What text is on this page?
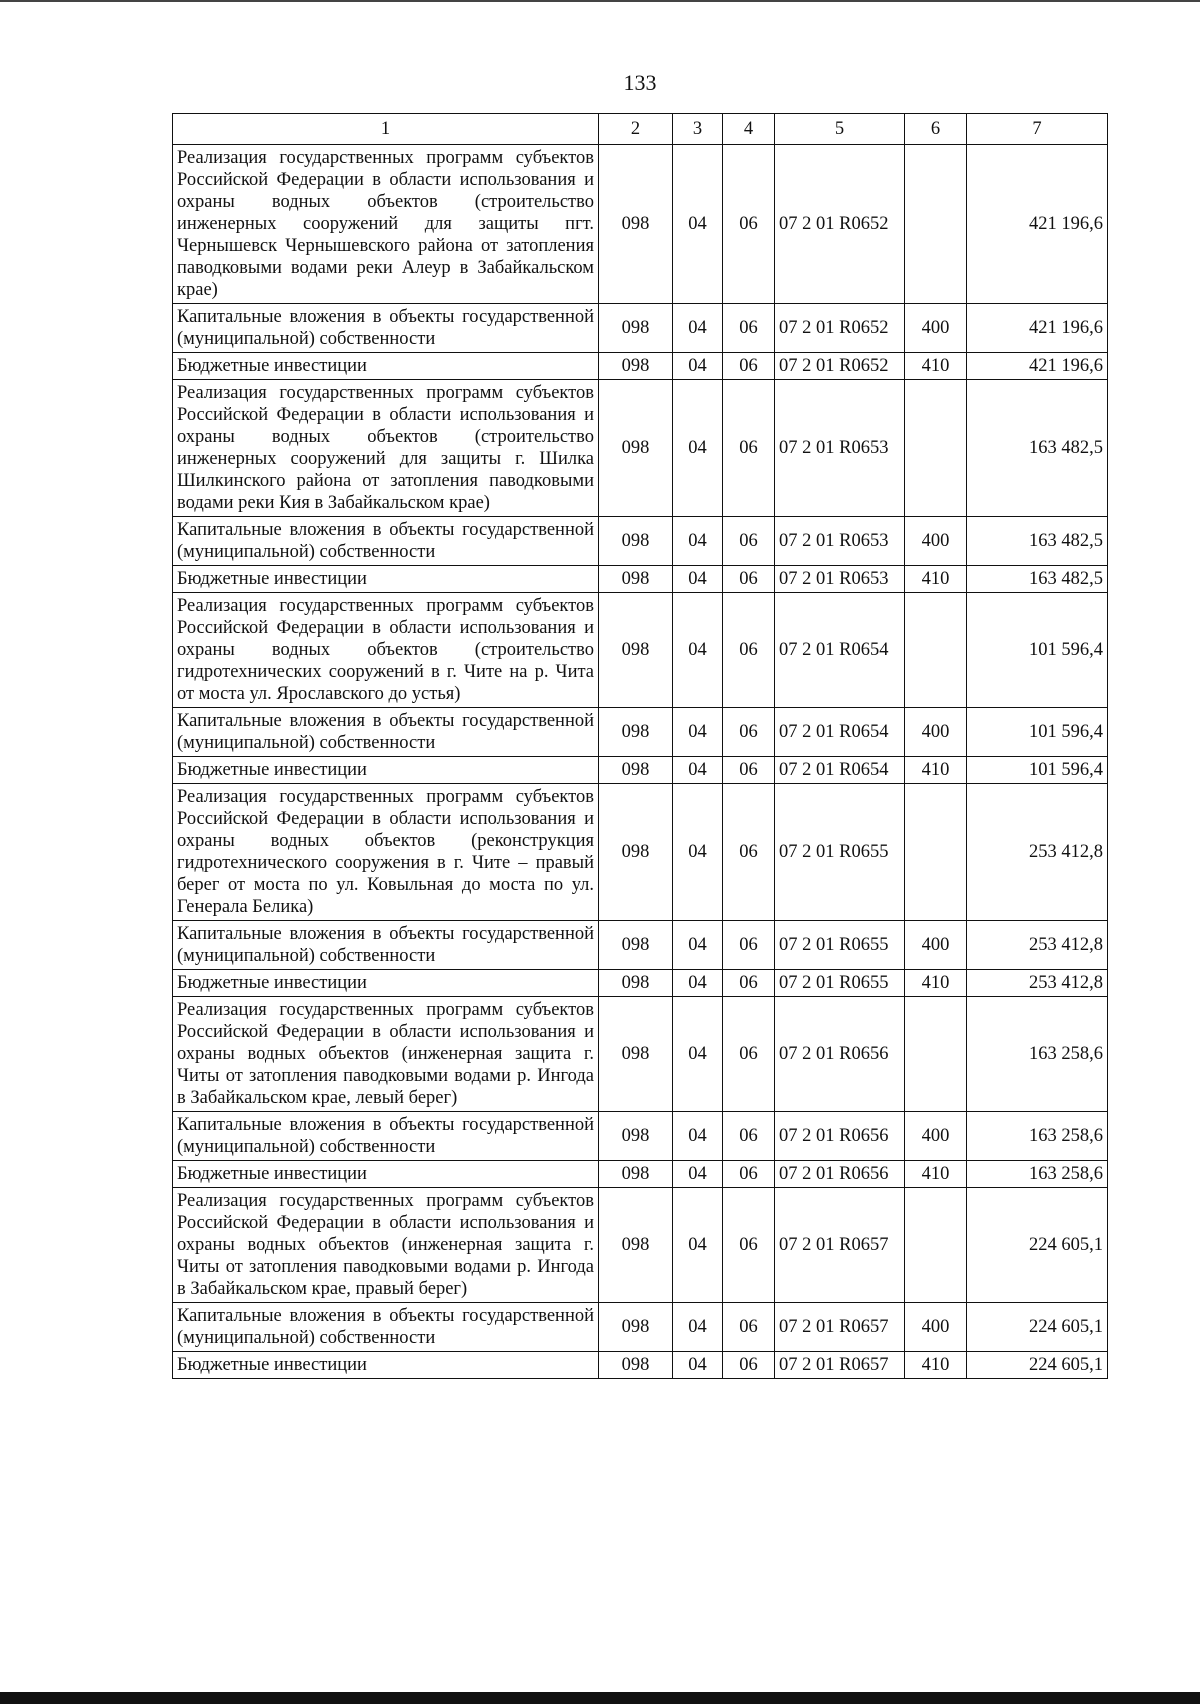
133
1	2	3	4	5	6	7
Реализация государственных программ субъектов Российской Федерации в области использования и охраны водных объектов (строительство инженерных сооружений для защиты пгт. Чернышевск Чернышевского района от затопления паводковыми водами реки Алеур в Забайкальском крае)	098	04	06	07 2 01 R0652		421 196,6
Капитальные вложения в объекты государственной (муниципальной) собственности	098	04	06	07 2 01 R0652	400	421 196,6
Бюджетные инвестиции	098	04	06	07 2 01 R0652	410	421 196,6
Реализация государственных программ субъектов Российской Федерации в области использования и охраны водных объектов (строительство инженерных сооружений для защиты г. Шилка Шилкинского района от затопления паводковыми водами реки Кия в Забайкальском крае)	098	04	06	07 2 01 R0653		163 482,5
Капитальные вложения в объекты государственной (муниципальной) собственности	098	04	06	07 2 01 R0653	400	163 482,5
Бюджетные инвестиции	098	04	06	07 2 01 R0653	410	163 482,5
Реализация государственных программ субъектов Российской Федерации в области использования и охраны водных объектов (строительство гидротехнических сооружений в г. Чите на р. Чита от моста ул. Ярославского до устья)	098	04	06	07 2 01 R0654		101 596,4
Капитальные вложения в объекты государственной (муниципальной) собственности	098	04	06	07 2 01 R0654	400	101 596,4
Бюджетные инвестиции	098	04	06	07 2 01 R0654	410	101 596,4
Реализация государственных программ субъектов Российской Федерации в области использования и охраны водных объектов (реконструкция гидротехнического сооружения в г. Чите – правый берег от моста по ул. Ковыльная до моста по ул. Генерала Белика)	098	04	06	07 2 01 R0655		253 412,8
Капитальные вложения в объекты государственной (муниципальной) собственности	098	04	06	07 2 01 R0655	400	253 412,8
Бюджетные инвестиции	098	04	06	07 2 01 R0655	410	253 412,8
Реализация государственных программ субъектов Российской Федерации в области использования и охраны водных объектов (инженерная защита г. Читы от затопления паводковыми водами р. Ингода в Забайкальском крае, левый берег)	098	04	06	07 2 01 R0656		163 258,6
Капитальные вложения в объекты государственной (муниципальной) собственности	098	04	06	07 2 01 R0656	400	163 258,6
Бюджетные инвестиции	098	04	06	07 2 01 R0656	410	163 258,6
Реализация государственных программ субъектов Российской Федерации в области использования и охраны водных объектов (инженерная защита г. Читы от затопления паводковыми водами р. Ингода в Забайкальском крае, правый берег)	098	04	06	07 2 01 R0657		224 605,1
Капитальные вложения в объекты государственной (муниципальной) собственности	098	04	06	07 2 01 R0657	400	224 605,1
Бюджетные инвестиции	098	04	06	07 2 01 R0657	410	224 605,1
